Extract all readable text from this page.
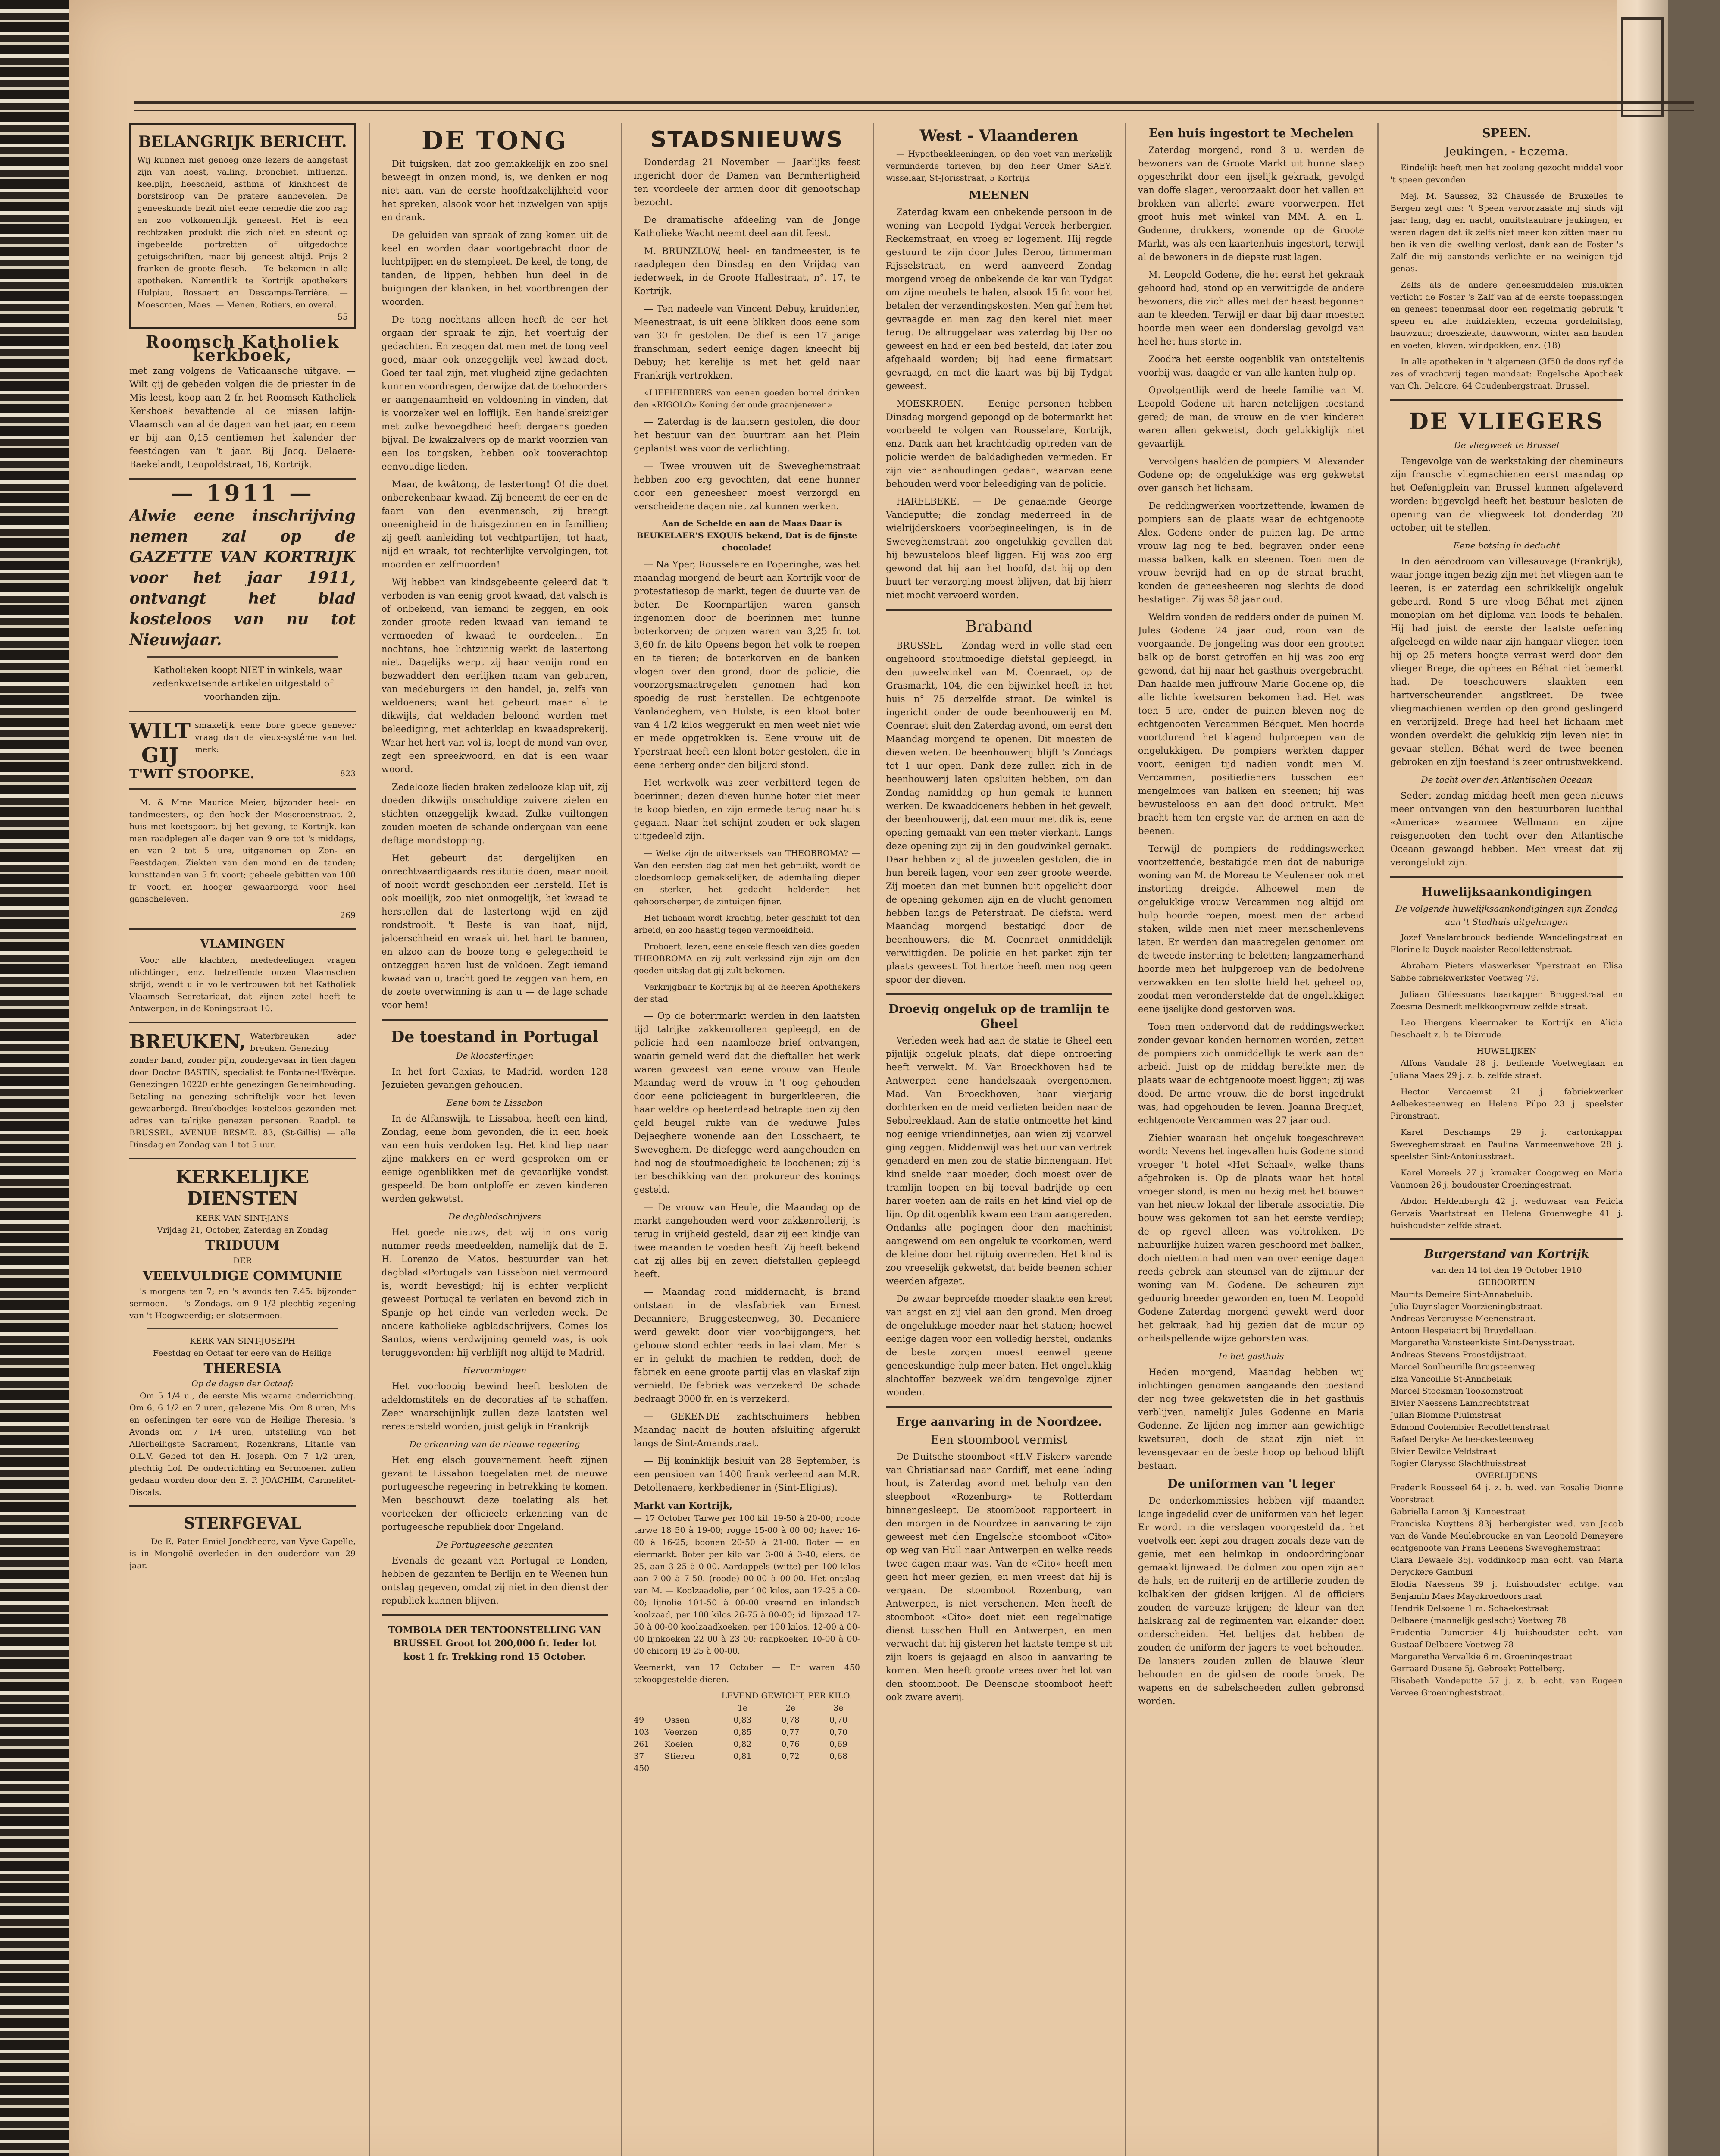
BELANGRIJK BERICHT.
Wij kunnen niet genoeg onze lezers de aangetast zijn van hoest, valling, bronchiet, influenza, keelpijn, heescheid, asthma of kinkhoest de borstsiroop van De pratere aanbevelen. De geneeskunde bezit niet eene remedie die zoo rap en zoo volkomentlijk geneest. Het is een rechtzaken produkt die zich niet en steunt op ingebeelde portretten of uitgedochte getuigschriften, maar bij geneest altijd. Prijs 2 franken de groote flesch. — Te bekomen in alle apotheken. Namentlijk te Kortrijk apothekers Hulpiau, Bossaert en Descamps-Terrière. — Moescroen, Maes. — Menen, Rotiers, en overal.
55
Roomsch Katholiek kerkboek,

met zang volgens de Vaticaansche uitgave. — Wilt gij de gebeden volgen die de priester in de Mis leest, koop aan 2 fr. het Roomsch Katholiek Kerkboek bevattende al de missen latijn-Vlaamsch van al de dagen van het jaar, en neem er bij aan 0,15 centiemen het kalender der feestdagen van 't jaar. Bij Jacq. Delaere-Baekelandt, Leopoldstraat, 16, Kortrijk.

— 1911 —
Alwie eene inschrijving nemen zal op de GAZETTE VAN KORTRIJK voor het jaar 1911, ontvangt het blad kosteloos van nu tot Nieuwjaar.

Katholieken koopt NIET in winkels, waar zedenkwetsende artikelen uitgestald of voorhanden zijn.

WILT GIJ
smakelijk eene bore goede genever vraag dan de vieux-systême van het merk:
T'WIT STOOPKE.	823

M. & Mme Maurice Meier, bijzonder heel- en tandmeesters, op den hoek der Moscroenstraat, 2, huis met koetspoort, bij het gevang, te Kortrijk, kan men raadplegen alle dagen van 9 ore tot 's middags, en van 2 tot 5 ure, uitgenomen op Zon- en Feestdagen. Ziekten van den mond en de tanden; kunsttanden van 5 fr. voort; geheele gebitten van 100 fr voort, en hooger gewaarborgd voor heel ganscheleven.

269
VLAMINGEN

Voor alle klachten, mededeelingen vragen nlichtingen, enz. betreffende onzen Vlaamschen strijd, wendt u in volle vertrouwen tot het Katholiek Vlaamsch Secretariaat, dat zijnen zetel heeft te Antwerpen, in de Koningstraat 10.

BREUKEN, Waterbreuken ader breuken. Genezing

zonder band, zonder pijn, zondergevaar in tien dagen door Doctor BASTIN, specialist te Fontaine-l'Evêque. Genezingen 10220 echte genezingen Geheimhouding. Betaling na genezing schriftelijk voor het leven gewaarborgd. Breukbockjes kosteloos gezonden met adres van talrijke genezen personen. Raadpl. te BRUSSEL, AVENUE BESME. 83, (St-Gillis) — alle Dinsdag en Zondag van 1 tot 5 uur.

KERKELIJKE DIENSTEN
KERK VAN SINT-JANS
Vrijdag 21, October, Zaterdag en Zondag
TRIDUUM
DER
VEELVULDIGE COMMUNIE

's morgens ten 7; en 's avonds ten 7.45: bijzonder sermoen. — 's Zondags, om 9 1/2 plechtig zegening van 't Hoogweerdig; en slotsermoen.

KERK VAN SINT-JOSEPH
Feestdag en Octaaf ter eere van de Heilige
THERESIA
Op de dagen der Octaaf:

Om 5 1/4 u., de eerste Mis waarna onderrichting. Om 6, 6 1/2 en 7 uren, gelezene Mis. Om 8 uren, Mis en oefeningen ter eere van de Heilige Theresia. 's Avonds om 7 1/4 uren, uitstelling van het Allerheiligste Sacrament, Rozenkrans, Litanie van O.L.V. Gebed tot den H. Joseph. Om 7 1/2 uren, plechtig Lof. De onderrichting en Sermoenen zullen gedaan worden door den E. P. JOACHIM, Carmelitet-Discals.

STERFGEVAL

— De E. Pater Emiel Jonckheere, van Vyve-Capelle, is in Mongolië overleden in den ouderdom van 29 jaar.

DE TONG

Dit tuigsken, dat zoo gemakkelijk en zoo snel beweegt in onzen mond, is, we denken er nog niet aan, van de eerste hoofdzakelijkheid voor het spreken, alsook voor het inzwelgen van spijs en drank.

De geluiden van spraak of zang komen uit de keel en worden daar voortgebracht door de luchtpijpen en de stempleet. De keel, de tong, de tanden, de lippen, hebben hun deel in de buigingen der klanken, in het voortbrengen der woorden.

De tong nochtans alleen heeft de eer het orgaan der spraak te zijn, het voertuig der gedachten. En zeggen dat men met de tong veel goed, maar ook onzeggelijk veel kwaad doet. Goed ter taal zijn, met vlugheid zijne gedachten kunnen voordragen, derwijze dat de toehoorders er aangenaamheid en voldoening in vinden, dat is voorzeker wel en lofflijk. Een handelsreiziger met zulke bevoegdheid heeft dergaans goeden bijval. De kwakzalvers op de markt voorzien van een los tongsken, hebben ook tooverachtop eenvoudige lieden.

Maar, de kwâtong, de lastertong! O! die doet onberekenbaar kwaad. Zij beneemt de eer en de faam van den evenmensch, zij brengt oneenigheid in de huisgezinnen en in famillien; zij geeft aanleiding tot vechtpartijen, tot haat, nijd en wraak, tot rechterlijke vervolgingen, tot moorden en zelfmoorden!

Wij hebben van kindsgebeente geleerd dat 't verboden is van eenig groot kwaad, dat valsch is of onbekend, van iemand te zeggen, en ook zonder groote reden kwaad van iemand te vermoeden of kwaad te oordeelen... En nochtans, hoe lichtzinnig werkt de lastertong niet. Dagelijks werpt zij haar venijn rond en bezwaddert den eerlijken naam van geburen, van medeburgers in den handel, ja, zelfs van weldoeners; want het gebeurt maar al te dikwijls, dat weldaden beloond worden met beleediging, met achterklap en kwaadsprekerij. Waar het hert van vol is, loopt de mond van over, zegt een spreekwoord, en dat is een waar woord.

Zedelooze lieden braken zedelooze klap uit, zij doeden dikwijls onschuldige zuivere zielen en stichten onzeggelijk kwaad. Zulke vuiltongen zouden moeten de schande ondergaan van eene deftige mondstopping.

Het gebeurt dat dergelijken en onrechtvaardigaards restitutie doen, maar nooit of nooit wordt geschonden eer hersteld. Het is ook moeilijk, zoo niet onmogelijk, het kwaad te herstellen dat de lastertong wijd en zijd rondstrooit. 't Beste is van haat, nijd, jaloerschheid en wraak uit het hart te bannen, en alzoo aan de booze tong e gelegenheid te ontzeggen haren lust de voldoen. Zegt iemand kwaad van u, tracht goed te zeggen van hem, en de zoete overwinning is aan u — de lage schade voor hem!

De toestand in Portugal
De kloosterlingen

In het fort Caxias, te Madrid, worden 128 Jezuieten gevangen gehouden.

Eene bom te Lissabon

In de Alfanswijk, te Lissaboa, heeft een kind, Zondag, eene bom gevonden, die in een hoek van een huis verdoken lag. Het kind liep naar zijne makkers en er werd gesproken om er eenige ogenblikken met de gevaarlijke vondst gespeeld. De bom ontploffe en zeven kinderen werden gekwetst.

De dagbladschrijvers

Het goede nieuws, dat wij in ons vorig nummer reeds meedeelden, namelijk dat de E. H. Lorenzo de Matos, bestuurder van het dagblad «Portugal» van Lissabon niet vermoord is, wordt bevestigd; hij is echter verplicht geweest Portugal te verlaten en bevond zich in Spanje op het einde van verleden week. De andere katholieke agbladschrijvers, Comes los Santos, wiens verdwijning gemeld was, is ook teruggevonden: hij verblijft nog altijd te Madrid.

Hervormingen

Het voorloopig bewind heeft besloten de adeldomstitels en de decoraties af te schaffen. Zeer waarschijnlijk zullen deze laatsten wel rerestersteld worden, juist gelijk in Frankrijk.

De erkenning van de nieuwe regeering

Het eng elsch gouvernement heeft zijnen gezant te Lissabon toegelaten met de nieuwe portugeesche regeering in betrekking te komen. Men beschouwt deze toelating als het voorteeken der officieele erkenning van de portugeesche republiek door Engeland.

De Portugeesche gezanten

Evenals de gezant van Portugal te Londen, hebben de gezanten te Berlijn en te Weenen hun ontslag gegeven, omdat zij niet in den dienst der republiek kunnen blijven.

TOMBOLA DER TENTOONSTELLING VAN BRUSSEL Groot lot 200,000 fr. Ieder lot kost 1 fr. Trekking rond 15 October.

STADSNIEUWS

Donderdag 21 November — Jaarlijks feest ingericht door de Damen van Bermhertigheid ten voordeele der armen door dit genootschap bezocht.

De dramatische afdeeling van de Jonge Katholieke Wacht neemt deel aan dit feest.

M. BRUNZLOW, heel- en tandmeester, is te raadplegen den Dinsdag en den Vrijdag van iederweek, in de Groote Hallestraat, n°. 17, te Kortrijk.

— Ten nadeele van Vincent Debuy, kruidenier, Meenestraat, is uit eene blikken doos eene som van 30 fr. gestolen. De dief is een 17 jarige franschman, sedert eenige dagen kneecht bij Debuy; het kerelije is met het geld naar Frankrijk vertrokken.

«LIEFHEBBERS van eenen goeden borrel drinken den «RIGOLO» Koning der oude graanjenever.»

— Zaterdag is de laatsern gestolen, die door het bestuur van den buurtram aan het Plein geplantst was voor de verlichting.

— Twee vrouwen uit de Sweveghemstraat hebben zoo erg gevochten, dat eene hunner door een geneesheer moest verzorgd en verscheidene dagen niet zal kunnen werken.

Aan de Schelde en aan de Maas Daar is BEUKELAER'S EXQUIS bekend, Dat is de fijnste chocolade!

— Na Yper, Rousselare en Poperinghe, was het maandag morgend de beurt aan Kortrijk voor de protestatiesop de markt, tegen de duurte van de boter. De Koornpartijen waren gansch ingenomen door de boerinnen met hunne boterkorven; de prijzen waren van 3,25 fr. tot 3,60 fr. de kilo Opeens begon het volk te roepen en te tieren; de boterkorven en de banken vlogen over den grond, door de policie, die voorzorgsmaatregelen genomen had kon spoedig de rust herstellen. De echtgenoote Vanlandeghem, van Hulste, is een kloot boter van 4 1/2 kilos weggerukt en men weet niet wie er mede opgetrokken is. Eene vrouw uit de Yperstraat heeft een klont boter gestolen, die in eene herberg onder den biljard stond.

Het werkvolk was zeer verbitterd tegen de boerinnen; dezen dieven hunne boter niet meer te koop bieden, en zijn ermede terug naar huis gegaan. Naar het schijnt zouden er ook slagen uitgedeeld zijn.

— Welke zijn de uitwerksels van THEOBROMA? — Van den eersten dag dat men het gebruikt, wordt de bloedsomloop gemakkelijker, de ademhaling dieper en sterker, het gedacht helderder, het gehoorscherper, de zintuigen fijner.

Het lichaam wordt krachtig, beter geschikt tot den arbeid, en zoo haastig tegen vermoeidheid.

Proboert, lezen, eene enkele flesch van dies goeden THEOBROMA en zij zult verkssind zijn zijn om den goeden uitslag dat gij zult bekomen.

Verkrijgbaar te Kortrijk bij al de heeren Apothekers der stad

— Op de boterrmarkt werden in den laatsten tijd talrijke zakkenrolleren gepleegd, en de policie had een naamlooze brief ontvangen, waarin gemeld werd dat die dieftallen het werk waren geweest van eene vrouw van Heule Maandag werd de vrouw in 't oog gehouden door eene policieagent in burgerkleeren, die haar weldra op heeterdaad betrapte toen zij den geld beugel rukte van de weduwe Jules Dejaeghere wonende aan den Losschaert, te Sweveghem. De diefegge werd aangehouden en had nog de stoutmoedigheid te loochenen; zij is ter beschikking van den prokureur des konings gesteld.

— De vrouw van Heule, die Maandag op de markt aangehouden werd voor zakkenrollerij, is terug in vrijheid gesteld, daar zij een kindje van twee maanden te voeden heeft. Zij heeft bekend dat zij alles bij en zeven diefstallen gepleegd heeft.

— Maandag rond middernacht, is brand ontstaan in de vlasfabriek van Ernest Decanniere, Bruggesteenweg, 30. Decaniere werd gewekt door vier voorbijgangers, het gebouw stond echter reeds in laai vlam. Men is er in gelukt de machien te redden, doch de fabriek en eene groote partij vlas en vlaskaf zijn vernield. De fabriek was verzekerd. De schade bedraagt 3000 fr. en is verzekerd.

— GEKENDE zachtschuimers hebben Maandag nacht de houten afsluiting afgerukt langs de Sint-Amandstraat.

— Bij koninklijk besluit van 28 September, is een pensioen van 1400 frank verleend aan M.R. Detollenaere, kerkbediener in (Sint-Eligius).

Markt van Kortrijk,

— 17 October Tarwe per 100 kil. 19-50 à 20-00; roode tarwe 18 50 à 19-00; rogge 15-00 à 00 00; haver 16-00 à 16-25; boonen 20-50 à 21-00. Boter — en eiermarkt. Boter per kilo van 3-00 à 3-40; eiers, de 25, aan 3-25 à 0-00. Aardappels (witte) per 100 kilos aan 7-00 à 7-50. (roode) 00-00 à 00-00. Het ontslag van M. — Koolzaadolie, per 100 kilos, aan 17-25 à 00-00; lijnolie 101-50 à 00-00 vreemd en inlandsch koolzaad, per 100 kilos 26-75 à 00-00; id. lijnzaad 17-50 à 00-00 koolzaadkoeken, per 100 kilos, 12-00 à 00-00 lijnkoeken 22 00 à 23 00; raapkoeken 10-00 à 00-00 chicorij 19 25 à 00-00.

Veemarkt, van 17 October — Er waren 450 tekoopgestelde dieren.

LEVEND GEWICHT, PER KILO.
1e	2e	3e
49	Ossen	0,83	0,78	0,70
103	Veerzen	0,85	0,77	0,70
261	Koeien	0,82	0,76	0,69
37	Stieren	0,81	0,72	0,68
450
West - Vlaanderen

— Hypotheekleeningen, op den voet van merkelijk verminderde tarieven, bij den heer Omer SAEY, wisselaar, St-Jorisstraat, 5 Kortrijk

MEENEN

Zaterdag kwam een onbekende persoon in de woning van Leopold Tydgat-Vercek herbergier, Reckemstraat, en vroeg er logement. Hij regde gestuurd te zijn door Jules Deroo, timmerman Rijsselstraat, en werd aanveerd Zondag morgend vroeg de onbekende de kar van Tydgat om zijne meubels te halen, alsook 15 fr. voor het betalen der verzendingskosten. Men gaf hem het gevraagde en men zag den kerel niet meer terug. De altruggelaar was zaterdag bij Der oo geweest en had er een bed besteld, dat later zou afgehaald worden; bij had eene firmatsart gevraagd, en met die kaart was bij bij Tydgat geweest.

MOESKROEN. — Eenige personen hebben Dinsdag morgend gepoogd op de botermarkt het voorbeeld te volgen van Rousselare, Kortrijk, enz. Dank aan het krachtdadig optreden van de policie werden de baldadigheden vermeden. Er zijn vier aanhoudingen gedaan, waarvan eene behouden werd voor beleediging van de policie.

HARELBEKE. — De genaamde George Vandeputte; die zondag mederreed in de wielrijderskoers voorbegineelingen, is in de Sweveghemstraat zoo ongelukkig gevallen dat hij bewusteloos bleef liggen. Hij was zoo erg gewond dat hij aan het hoofd, dat hij op den buurt ter verzorging moest blijven, dat bij hierr niet mocht vervoerd worden.

Braband

BRUSSEL — Zondag werd in volle stad een ongehoord stoutmoedige diefstal gepleegd, in den juweelwinkel van M. Coenraet, op de Grasmarkt, 104, die een bijwinkel heeft in het huis n° 75 derzelfde straat. De winkel is ingericht onder de oude beenhouwerij en M. Coenraet sluit den Zaterdag avond, om eerst den Maandag morgend te openen. Dit moesten de dieven weten. De beenhouwerij blijft 's Zondags tot 1 uur open. Dank deze zullen zich in de beenhouwerij laten opsluiten hebben, om dan Zondag namiddag op hun gemak te kunnen werken. De kwaaddoeners hebben in het gewelf, der beenhouwerij, dat een muur met dik is, eene opening gemaakt van een meter vierkant. Langs deze opening zijn zij in den goudwinkel geraakt. Daar hebben zij al de juweelen gestolen, die in hun bereik lagen, voor een zeer groote weerde. Zij moeten dan met bunnen buit opgelicht door de opening gekomen zijn en de vlucht genomen hebben langs de Peterstraat. De diefstal werd Maandag morgend bestatigd door de beenhouwers, die M. Coenraet onmiddelijk verwittigden. De policie en het parket zijn ter plaats geweest. Tot hiertoe heeft men nog geen spoor der dieven.

Droevig ongeluk op de tramlijn te Gheel

Verleden week had aan de statie te Gheel een pijnlijk ongeluk plaats, dat diepe ontroering heeft verwekt. M. Van Broeckhoven had te Antwerpen eene handelszaak overgenomen. Mad. Van Broeckhoven, haar vierjarig dochterken en de meid verlieten beiden naar de Sebolreeklaad. Aan de statie ontmoette het kind nog eenige vriendinnetjes, aan wien zij vaarwel ging zeggen. Middenwijl was het uur van vertrek genaderd en men zou de statie binnengaan. Het kind snelde naar moeder, doch moest over de tramlijn loopen en bij toeval badrijde op een harer voeten aan de rails en het kind viel op de lijn. Op dit ogenblik kwam een tram aangereden. Ondanks alle pogingen door den machinist aangewend om een ongeluk te voorkomen, werd de kleine door het rijtuig overreden. Het kind is zoo vreeselijk gekwetst, dat beide beenen schier weerden afgezet.

De zwaar beproefde moeder slaakte een kreet van angst en zij viel aan den grond. Men droeg de ongelukkige moeder naar het station; hoewel eenige dagen voor een volledig herstel, ondanks de beste zorgen moest eenwel geene geneeskundige hulp meer baten. Het ongelukkig slachtoffer bezweek weldra tengevolge zijner wonden.

Erge aanvaring in de Noordzee.
Een stoomboot vermist

De Duitsche stoomboot «H.V Fisker» varende van Christiansad naar Cardiff, met eene lading hout, is Zaterdag avond met behulp van den sleepboot «Rozenburg» te Rotterdam binnengesleept. De stoomboot rapporteert in den morgen in de Noordzee in aanvaring te zijn geweest met den Engelsche stoomboot «Cito» op weg van Hull naar Antwerpen en welke reeds twee dagen maar was. Van de «Cito» heeft men geen hot meer gezien, en men vreest dat hij is vergaan. De stoomboot Rozenburg, van Antwerpen, is niet verschenen. Men heeft de stoomboot «Cito» doet niet een regelmatige dienst tusschen Hull en Antwerpen, en men verwacht dat hij gisteren het laatste tempe st uit zijn koers is gejaagd en alsoo in aanvaring te komen. Men heeft groote vrees over het lot van den stoomboot. De Deensche stoomboot heeft ook zware averij.

Een huis ingestort te Mechelen

Zaterdag morgend, rond 3 u, werden de bewoners van de Groote Markt uit hunne slaap opgeschrikt door een ijselijk gekraak, gevolgd van doffe slagen, veroorzaakt door het vallen en brokken van allerlei zware voorwerpen. Het groot huis met winkel van MM. A. en L. Godenne, drukkers, wonende op de Groote Markt, was als een kaartenhuis ingestort, terwijl al de bewoners in de diepste rust lagen.

M. Leopold Godene, die het eerst het gekraak gehoord had, stond op en verwittigde de andere bewoners, die zich alles met der haast begonnen aan te kleeden. Terwijl er daar bij daar moesten hoorde men weer een donderslag gevolgd van heel het huis storte in.

Zoodra het eerste oogenblik van ontsteltenis voorbij was, daagde er van alle kanten hulp op.

Opvolgentlijk werd de heele familie van M. Leopold Godene uit haren netelijgen toestand gered; de man, de vrouw en de vier kinderen waren allen gekwetst, doch gelukkiglijk niet gevaarlijk.

Vervolgens haalden de pompiers M. Alexander Godene op; de ongelukkige was erg gekwetst over gansch het lichaam.

De reddingwerken voortzettende, kwamen de pompiers aan de plaats waar de echtgenoote Alex. Godene onder de puinen lag. De arme vrouw lag nog te bed, begraven onder eene massa balken, kalk en steenen. Toen men de vrouw bevrijd had en op de straat bracht, konden de geneesheeren nog slechts de dood bestatigen. Zij was 58 jaar oud.

Weldra vonden de redders onder de puinen M. Jules Godene 24 jaar oud, roon van de voorgaande. De jongeling was door een grooten balk op de borst getroffen en hij was zoo erg gewond, dat hij naar het gasthuis overgebracht. Dan haalde men juffrouw Marie Godene op, die alle lichte kwetsuren bekomen had. Het was toen 5 ure, onder de puinen bleven nog de echtgenooten Vercammen Bécquet. Men hoorde voortdurend het klagend hulproepen van de ongelukkigen. De pompiers werkten dapper voort, eenigen tijd nadien vondt men M. Vercammen, positiedieners tusschen een mengelmoes van balken en steenen; hij was bewustelooss en aan den dood ontrukt. Men bracht hem ten ergste van de armen en aan de beenen.

Terwijl de pompiers de reddingswerken voortzettende, bestatigde men dat de naburige woning van M. de Moreau te Meulenaer ook met instorting dreigde. Alhoewel men de ongelukkige vrouw Vercammen nog altijd om hulp hoorde roepen, moest men den arbeid staken, wilde men niet meer menschenlevens laten. Er werden dan maatregelen genomen om de tweede instorting te beletten; langzamerhand hoorde men het hulpgeroep van de bedolvene verzwakken en ten slotte hield het geheel op, zoodat men veronderstelde dat de ongelukkigen eene ijselijke dood gestorven was.

Toen men ondervond dat de reddingswerken zonder gevaar konden hernomen worden, zetten de pompiers zich onmiddellijk te werk aan den arbeid. Juist op de middag bereikte men de plaats waar de echtgenoote moest liggen; zij was dood. De arme vrouw, die de borst ingedrukt was, had opgehouden te leven. Joanna Brequet, echtgenoote Vercammen was 27 jaar oud.

Ziehier waaraan het ongeluk toegeschreven wordt: Nevens het ingevallen huis Godene stond vroeger 't hotel «Het Schaal», welke thans afgebroken is. Op de plaats waar het hotel vroeger stond, is men nu bezig met het bouwen van het nieuw lokaal der liberale associatie. Die bouw was gekomen tot aan het eerste verdiep; de op rgevel alleen was voltrokken. De nabuurlijke huizen waren geschoord met balken, doch niettemin had men van over eenige dagen reeds gebrek aan steunsel van de zijmuur der woning van M. Godene. De scheuren zijn geduurig breeder geworden en, toen M. Leopold Godene Zaterdag morgend gewekt werd door het gekraak, had hij gezien dat de muur op onheilspellende wijze geborsten was.

In het gasthuis

Heden morgend, Maandag hebben wij inlichtingen genomen aangaande den toestand der nog twee gekwetsten die in het gasthuis verblijven, namelijk Jules Godenne en Maria Godenne. Ze lijden nog immer aan gewichtige kwetsuren, doch de staat zijn niet in levensgevaar en de beste hoop op behoud blijft bestaan.

De uniformen van 't leger

De onderkommissies hebben vijf maanden lange ingedelid over de uniformen van het leger. Er wordt in die verslagen voorgesteld dat het voetvolk een kepi zou dragen zooals deze van de genie, met een helmkap in ondoordringbaar gemaakt lijnwaad. De dolmen zou open zijn aan de hals, en de ruiterij en de artillerie zouden de kolbakken der gidsen krijgen. Al de officiers zouden de vareuze krijgen; de kleur van den halskraag zal de regimenten van elkander doen onderscheiden. Het beltjes dat hebben de zouden de uniform der jagers te voet behouden. De lansiers zouden zullen de blauwe kleur behouden en de gidsen de roode broek. De wapens en de sabelscheeden zullen gebronsd worden.

SPEEN.
Jeukingen. - Eczema.

Eindelijk heeft men het zoolang gezocht middel voor 't speen gevonden.

Mej. M. Saussez, 32 Chaussée de Bruxelles te Bergen zegt ons: 't Speen veroorzaakte mij sinds vijf jaar lang, dag en nacht, onuitstaanbare jeukingen, er waren dagen dat ik zelfs niet meer kon zitten maar nu ben ik van die kwelling verlost, dank aan de Foster 's Zalf die mij aanstonds verlichte en na weinigen tijd genas.

Zelfs als de andere geneesmiddelen mislukten verlicht de Foster 's Zalf van af de eerste toepassingen en geneest tenenmaal door een regelmatig gebruik 't speen en alle huidziekten, eczema gordelnitslag, hauwzuur, droesziekte, dauwworm, winter aan handen en voeten, kloven, windpokken, enz. (18)

In alle apotheken in 't algemeen (3f50 de doos ryf de zes of vrachtvrij tegen mandaat: Engelsche Apotheek van Ch. Delacre, 64 Coudenbergstraat, Brussel.

DE VLIEGERS
De vliegweek te Brussel

Tengevolge van de werkstaking der chemineurs zijn fransche vliegmachienen eerst maandag op het Oefenigplein van Brussel kunnen afgeleverd worden; bijgevolgd heeft het bestuur besloten de opening van de vliegweek tot donderdag 20 october, uit te stellen.

Eene botsing in deducht

In den aërodroom van Villesauvage (Frankrijk), waar jonge ingen bezig zijn met het vliegen aan te leeren, is er zaterdag een schrikkelijk ongeluk gebeurd. Rond 5 ure vloog Béhat met zijnen monoplan om het diploma van loods te behalen. Hij had juist de eerste der laatste oefening afgeleegd en wilde naar zijn hangaar vliegen toen hij op 25 meters hoogte verrast werd door den vlieger Brege, die ophees en Béhat niet bemerkt had. De toeschouwers slaakten een hartverscheurenden angstkreet. De twee vliegmachienen werden op den grond geslingerd en verbrijzeld. Brege had heel het lichaam met wonden overdekt die gelukkig zijn leven niet in gevaar stellen. Béhat werd de twee beenen gebroken en zijn toestand is zeer ontrustwekkend.

De tocht over den Atlantischen Oceaan

Sedert zondag middag heeft men geen nieuws meer ontvangen van den bestuurbaren luchtbal «America» waarmee Wellmann en zijne reisgenooten den tocht over den Atlantische Oceaan gewaagd hebben. Men vreest dat zij verongelukt zijn.

Huwelijksaankondigingen
De volgende huwelijksaankondigingen zijn Zondag aan 't Stadhuis uitgehangen

Jozef Vanslambrouck bediende Wandelingstraat en Florine la Duyck naaister Recollettenstraat.

Abraham Pieters vlaswerkser Yperstraat en Elisa Sabbe fabriekwerkster Voetweg 79.

Juliaan Ghiessuans haarkapper Bruggestraat en Zoesma Desmedt melkkoopvrouw zelfde straat.

Leo Hiergens kleermaker te Kortrijk en Alicia Deschaelt z. b. te Dixmude.

HUWELIJKEN

Alfons Vandale 28 j. bediende Voetweglaan en Juliana Maes 29 j. z. b. zelfde straat.

Hector Vercaemst 21 j. fabriekwerker Aelbekesteenweg en Helena Pilpo 23 j. speelster Pironstraat.

Karel Deschamps 29 j. cartonkappar Sweveghemstraat en Paulina Vanmeenwehove 28 j. speelster Sint-Antoniusstraat.

Karel Moreels 27 j. kramaker Coogoweg en Maria Vanmoen 26 j. boudouster Groeningestraat.

Abdon Heldenbergh 42 j. weduwaar van Felicia Gervais Vaartstraat en Helena Groenweghe 41 j. huishoudster zelfde straat.

Burgerstand van Kortrijk
van den 14 tot den 19 October 1910
GEBOORTEN
Maurits Demeire Sint-Annabeluib.
Julia Duynslager Voorzieningbstraat.
Andreas Vercruysse Meenenstraat.
Antoon Hespeiacrt bij Bruydellaan.
Margaretha Vansteenkiste Sint-Denysstraat.
Andreas Stevens Proostdijstraat.
Marcel Soulheurille Brugsteenweg
Elza Vancoillie St-Annabelaik
Marcel Stockman Tookomstraat
Elvier Naessens Lambrechtstraat
Julian Blomme Pluimstraat
Edmond Coolembier Recollettenstraat
Rafael Deryke Aelbeeckesteenweg
Elvier Dewilde Veldstraat
Rogier Claryssc Slachthuisstraat
OVERLIJDENS
Frederik Rousseel 64 j. z. b. wed. van Rosalie Dionne Voorstraat
Gabriella Lamon 3j. Kanoestraat
Franciska Nuyttens 83j. herbergister wed. van Jacob van de Vande Meulebroucke en van Leopold Demeyere echtgenoote van Frans Leenens Sweveghemstraat
Clara Dewaele 35j. voddinkoop man echt. van Maria Deryckere Gambuzi
Elodia Naessens 39 j. huishoudster echtge. van Benjamin Maes Mayokroedoorstraat
Hendrik Delsoene 1 m. Schaekestraat
Delbaere (mannelijk geslacht) Voetweg 78
Prudentia Dumortier 41j huishoudster echt. van Gustaaf Delbaere Voetweg 78
Margaretha Vervalkie 6 m. Groeningestraat
Gerraard Dusene 5j. Gebroekt Pottelberg.
Elisabeth Vandeputte 57 j. z. b. echt. van Eugeen Vervee Groeningheststraat.
